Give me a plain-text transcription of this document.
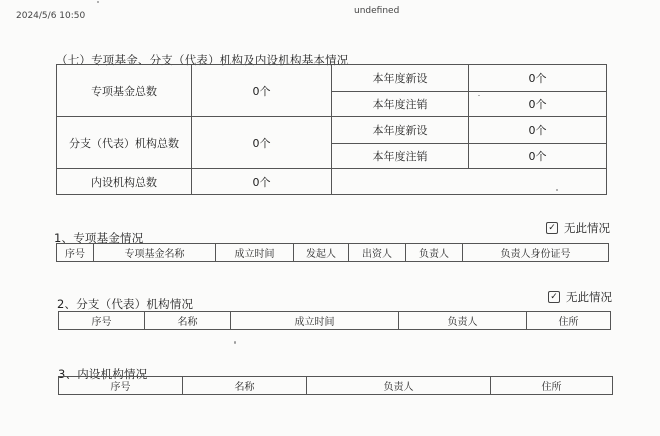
2024/5/6 10:50	undefined
（七）专项基金、分支（代表）机构及内设机构基本情况
专项基金总数	0个	本年度新设	0个
		本年度注销	0个
分支（代表）机构总数	0个	本年度新设	0个
		本年度注销	0个
内设机构总数	0个		
1、专项基金情况
✓ 无此情况
序号	专项基金名称	成立时间	发起人	出资人	负责人	负责人身份证号
2、分支（代表）机构情况
✓ 无此情况
序号	名称	成立时间	负责人	住所
3、内设机构情况
序号	名称	负责人	住所
